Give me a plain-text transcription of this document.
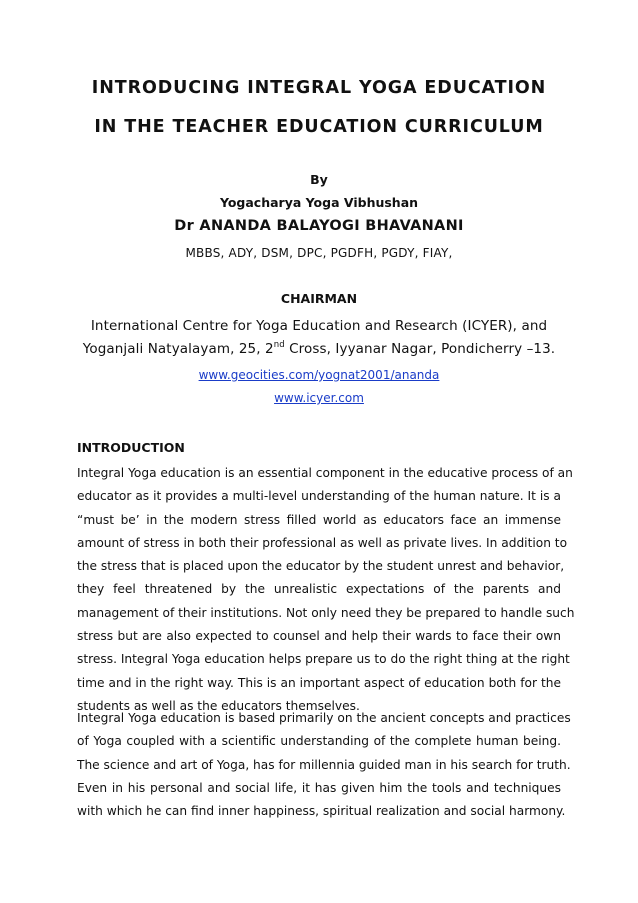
INTRODUCING INTEGRAL YOGA EDUCATION
IN THE TEACHER EDUCATION CURRICULUM

By

Yogacharya Yoga Vibhushan

Dr ANANDA BALAYOGI BHAVANANI

MBBS, ADY, DSM, DPC, PGDFH, PGDY, FIAY,

CHAIRMAN

International Centre for Yoga Education and Research (ICYER), and

Yoganjali Natyalayam, 25, 2nd Cross, Iyyanar Nagar, Pondicherry –13.

www.geocities.com/yognat2001/ananda

www.icyer.com

INTRODUCTION
Integral Yoga education is an essential component in the educative process of an
educator as it provides a multi-level understanding of the human nature. It is a
“must be’ in the modern stress filled world as educators face an immense
amount of stress in both their professional as well as private lives. In addition to
the stress that is placed upon the educator by the student unrest and behavior,
they feel threatened by the unrealistic expectations of the parents and
management of their institutions. Not only need they be prepared to handle such
stress but are also expected to counsel and help their wards to face their own
stress. Integral Yoga education helps prepare us to do the right thing at the right
time and in the right way. This is an important aspect of education both for the
students as well as the educators themselves.
Integral Yoga education is based primarily on the ancient concepts and practices
of Yoga coupled with a scientific understanding of the complete human being.
The science and art of Yoga, has for millennia guided man in his search for truth.
Even in his personal and social life, it has given him the tools and techniques
with which he can find inner happiness, spiritual realization and social harmony.
